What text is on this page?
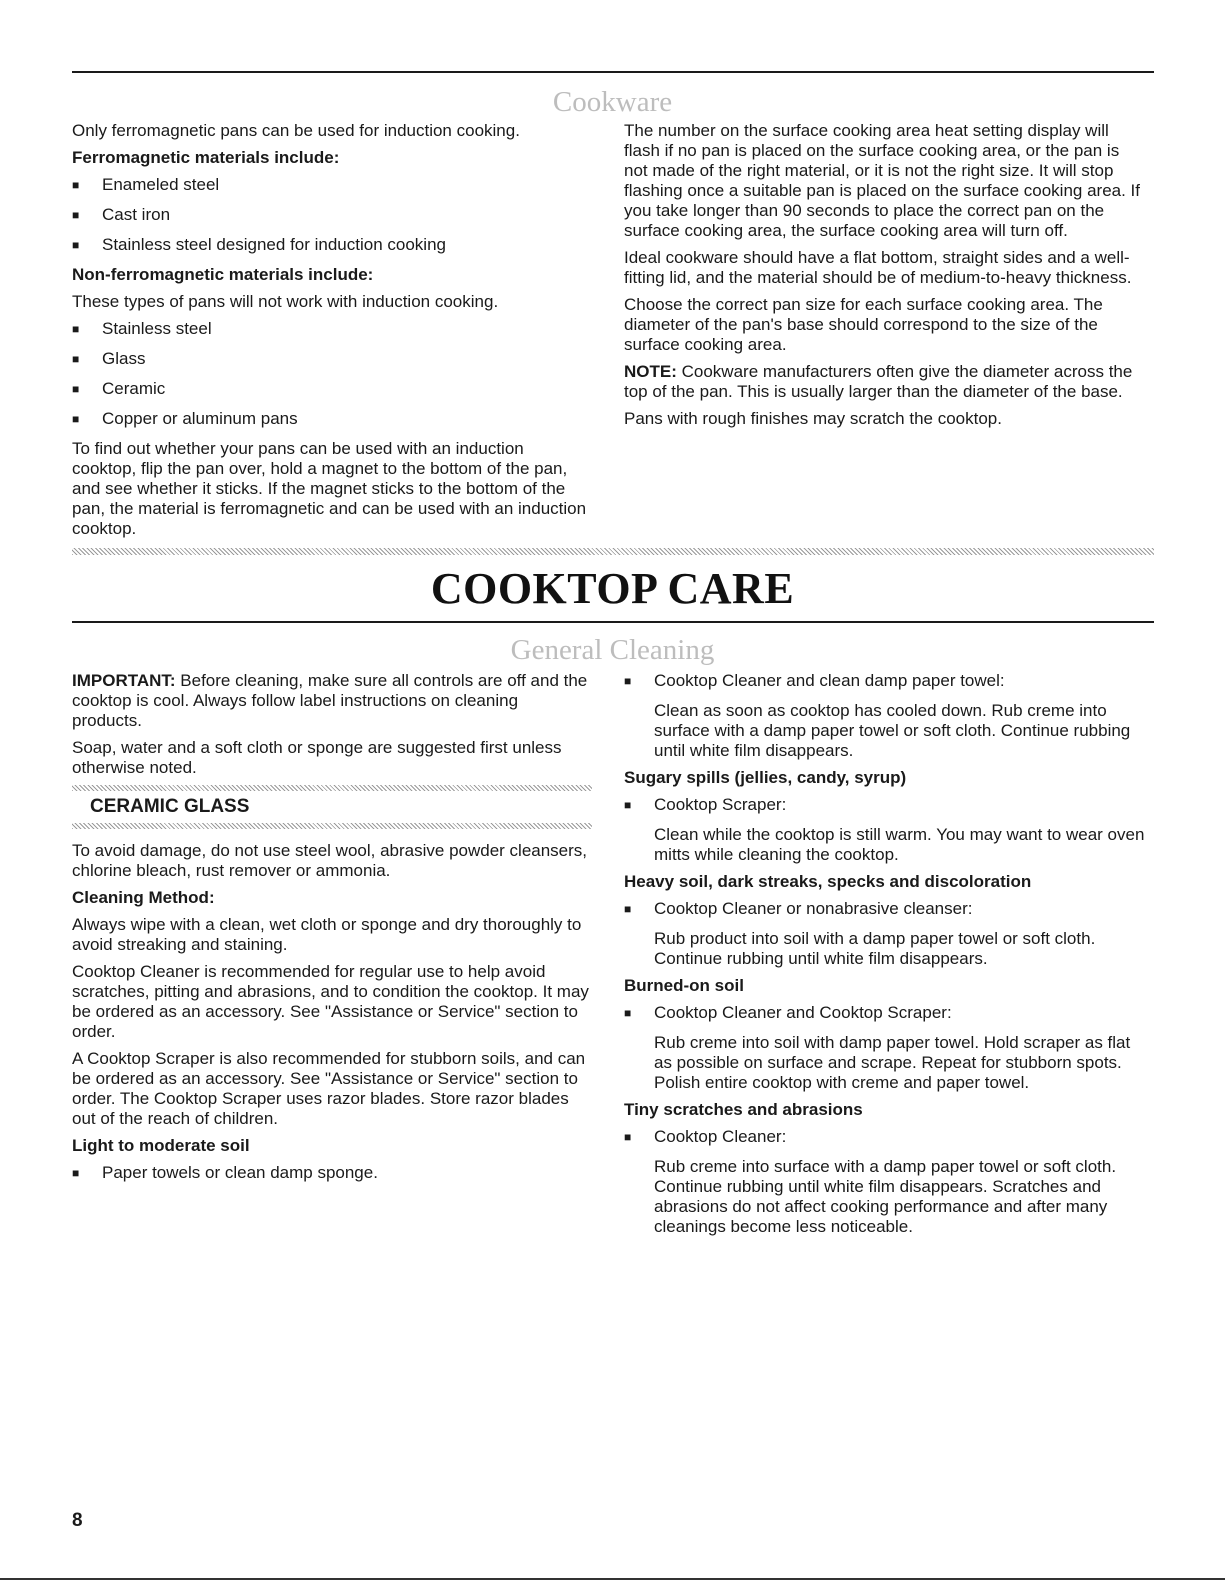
Cookware

Only ferromagnetic pans can be used for induction cooking.

Ferromagnetic materials include:
■ Enameled steel
■ Cast iron
■ Stainless steel designed for induction cooking
Non-ferromagnetic materials include:

These types of pans will not work with induction cooking.

■ Stainless steel
■ Glass
■ Ceramic
■ Copper or aluminum pans

To find out whether your pans can be used with an induction cooktop, flip the pan over, hold a magnet to the bottom of the pan, and see whether it sticks. If the magnet sticks to the bottom of the pan, the material is ferromagnetic and can be used with an induction cooktop.

The number on the surface cooking area heat setting display will flash if no pan is placed on the surface cooking area, or the pan is not made of the right material, or it is not the right size. It will stop flashing once a suitable pan is placed on the surface cooking area. If you take longer than 90 seconds to place the correct pan on the surface cooking area, the surface cooking area will turn off.

Ideal cookware should have a flat bottom, straight sides and a well-fitting lid, and the material should be of medium-to-heavy thickness.

Choose the correct pan size for each surface cooking area. The diameter of the pan's base should correspond to the size of the surface cooking area.

NOTE: Cookware manufacturers often give the diameter across the top of the pan. This is usually larger than the diameter of the base.

Pans with rough finishes may scratch the cooktop.

COOKTOP CARE
General Cleaning

IMPORTANT: Before cleaning, make sure all controls are off and the cooktop is cool. Always follow label instructions on cleaning products.

Soap, water and a soft cloth or sponge are suggested first unless otherwise noted.

CERAMIC GLASS

To avoid damage, do not use steel wool, abrasive powder cleansers, chlorine bleach, rust remover or ammonia.

Cleaning Method:

Always wipe with a clean, wet cloth or sponge and dry thoroughly to avoid streaking and staining.

Cooktop Cleaner is recommended for regular use to help avoid scratches, pitting and abrasions, and to condition the cooktop. It may be ordered as an accessory. See "Assistance or Service" section to order.

A Cooktop Scraper is also recommended for stubborn soils, and can be ordered as an accessory. See "Assistance or Service" section to order. The Cooktop Scraper uses razor blades. Store razor blades out of the reach of children.

Light to moderate soil
■ Paper towels or clean damp sponge.
■ Cooktop Cleaner and clean damp paper towel:

Clean as soon as cooktop has cooled down. Rub creme into surface with a damp paper towel or soft cloth. Continue rubbing until white film disappears.

Sugary spills (jellies, candy, syrup)
■ Cooktop Scraper:

Clean while the cooktop is still warm. You may want to wear oven mitts while cleaning the cooktop.

Heavy soil, dark streaks, specks and discoloration
■ Cooktop Cleaner or nonabrasive cleanser:

Rub product into soil with a damp paper towel or soft cloth. Continue rubbing until white film disappears.

Burned-on soil
■ Cooktop Cleaner and Cooktop Scraper:

Rub creme into soil with damp paper towel. Hold scraper as flat as possible on surface and scrape. Repeat for stubborn spots. Polish entire cooktop with creme and paper towel.

Tiny scratches and abrasions
■ Cooktop Cleaner:

Rub creme into surface with a damp paper towel or soft cloth. Continue rubbing until white film disappears. Scratches and abrasions do not affect cooking performance and after many cleanings become less noticeable.

8
